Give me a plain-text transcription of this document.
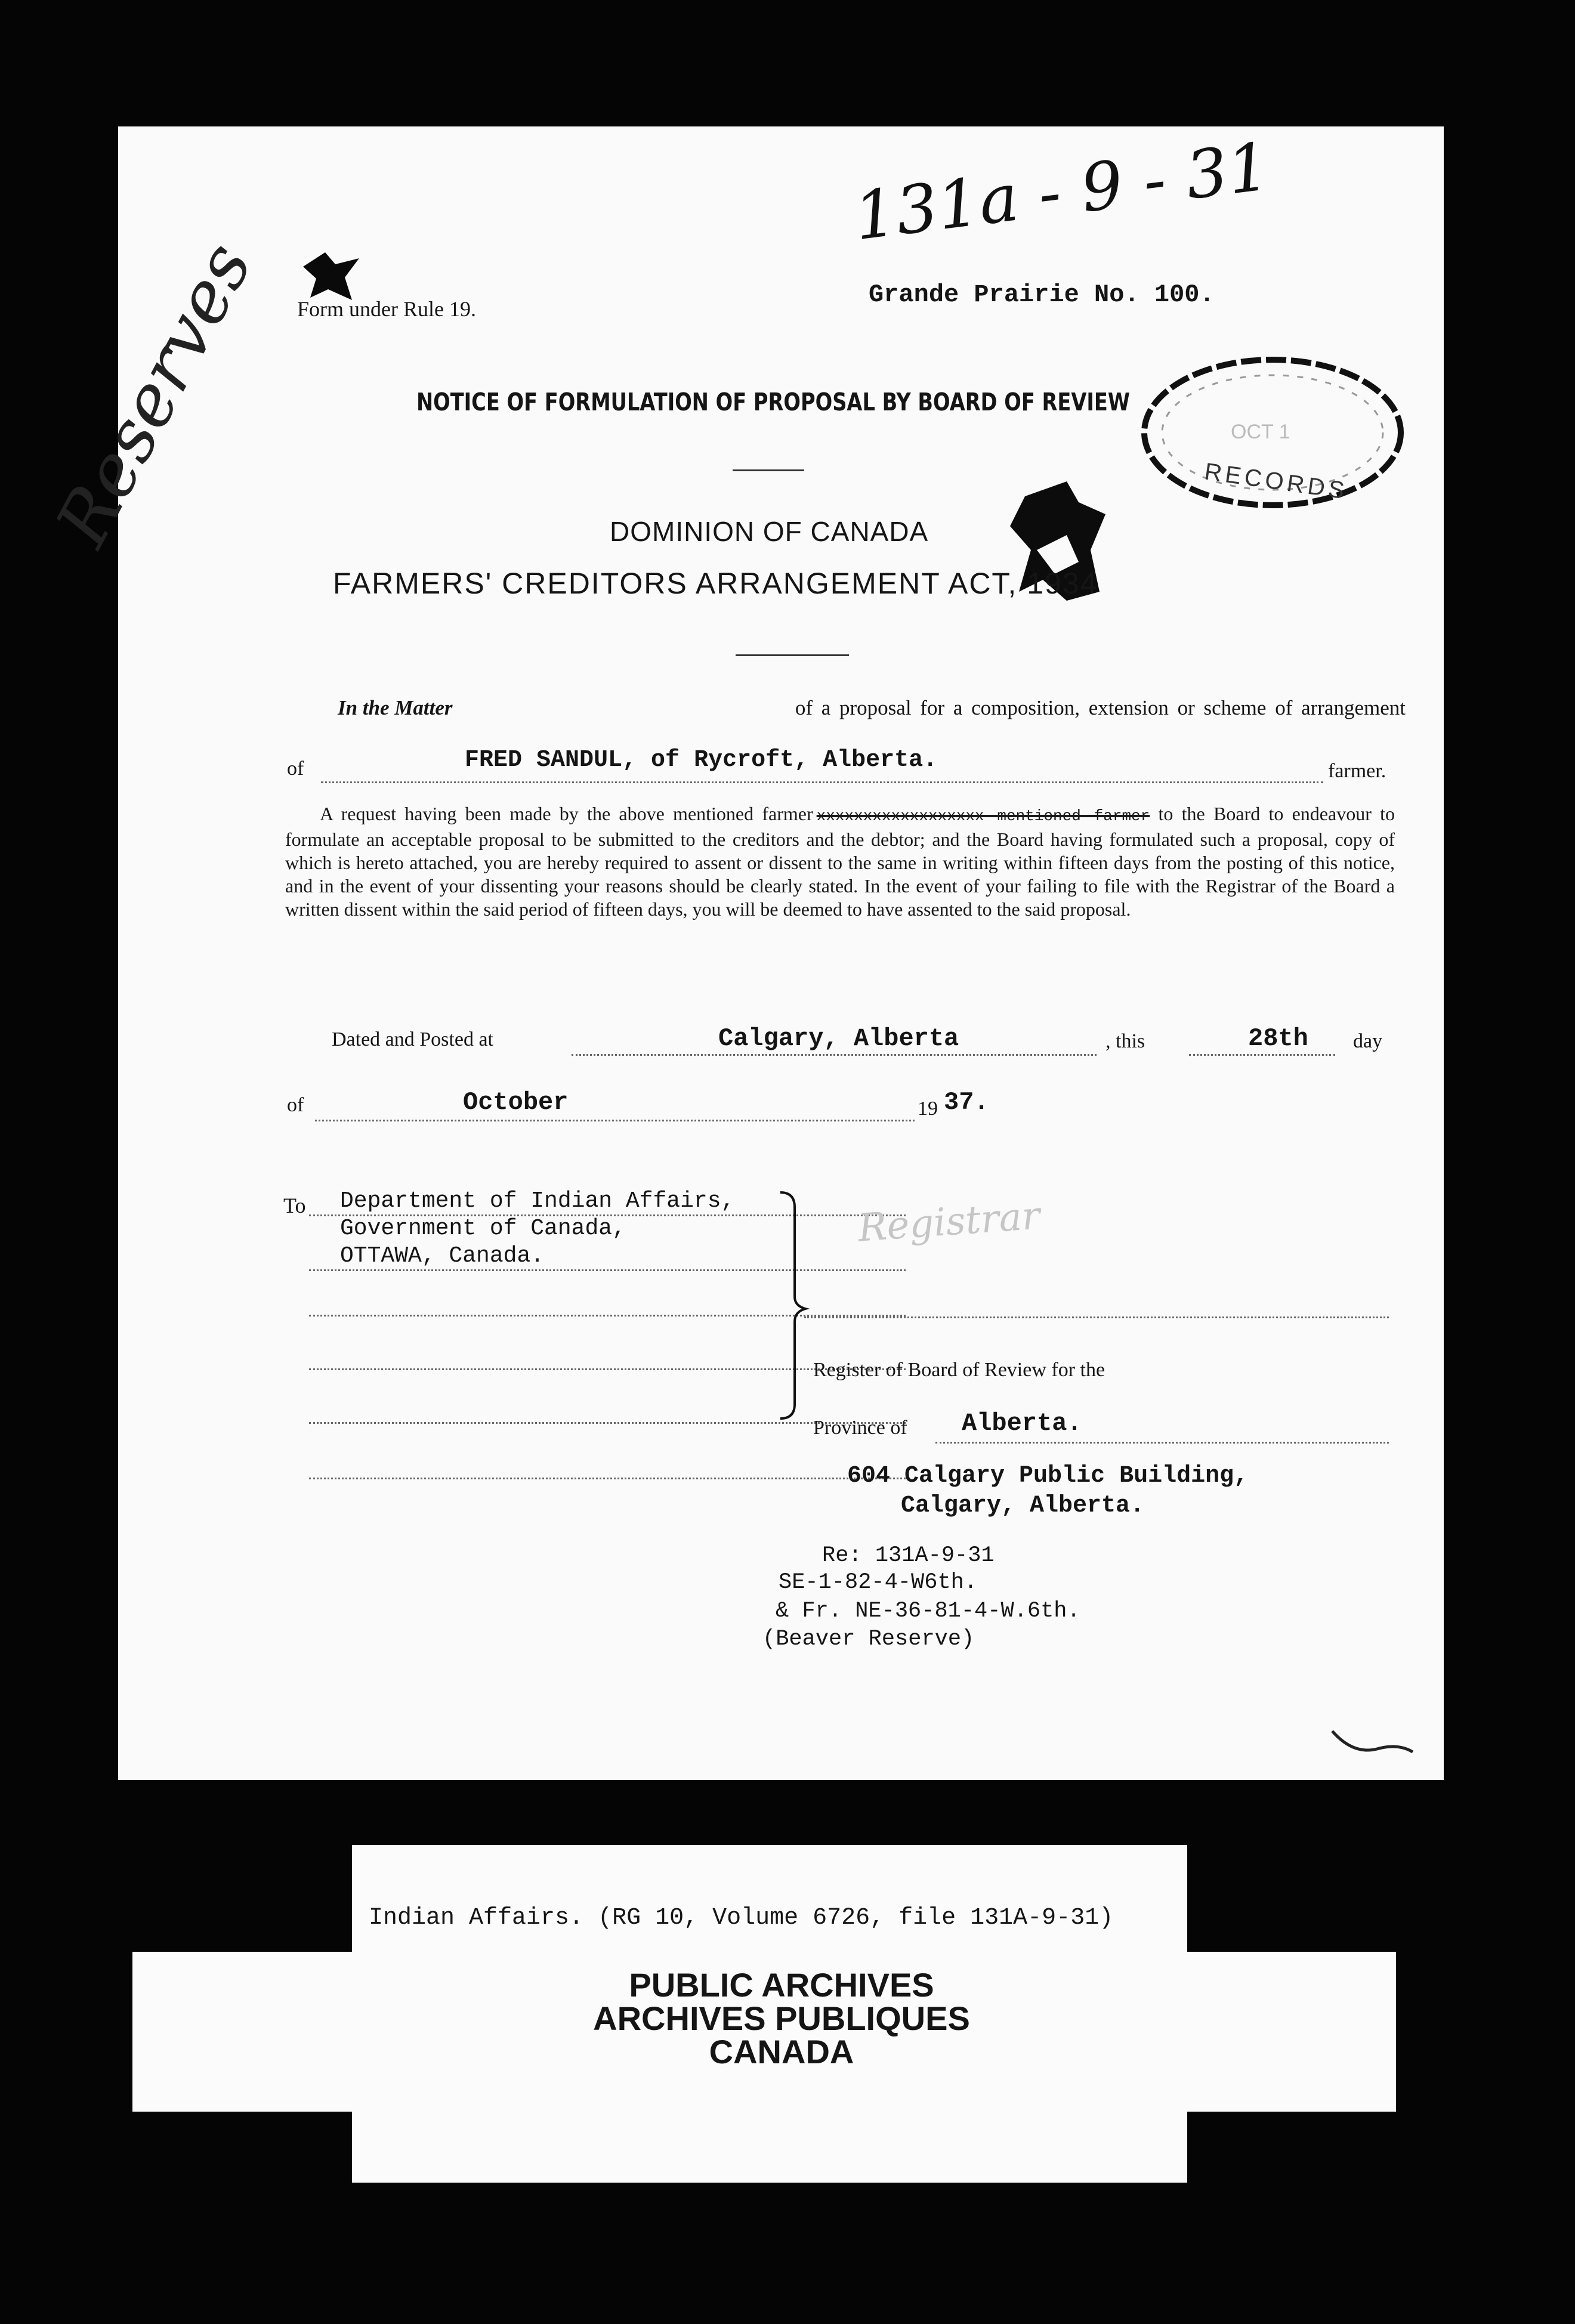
131a - 9 - 31
Reserves Form under Rule 19.	Grande Prairie No. 100.
NOTICE OF FORMULATION OF PROPOSAL BY BOARD OF REVIEW
OCT 1
RECORDS
DOMINION OF CANADA
FARMERS' CREDITORS ARRANGEMENT ACT, 1934
In the Matter	of a proposal for a composition, extension or scheme of arrangement
of	FRED SANDUL, of Rycroft, Alberta.	farmer.
A request having been made by the above mentioned farmer xxxxxxxxxxxxxxxxxx mentioned farmer to the Board to endeavour to formulate an acceptable proposal to be submitted to the creditors and the debtor; and the Board having formulated such a proposal, copy of which is hereto attached, you are hereby required to assent or dissent to the same in writing within fifteen days from the posting of this notice, and in the event of your dissenting your reasons should be clearly stated. In the event of your failing to file with the Registrar of the Board a written dissent within the said period of fifteen days, you will be deemed to have assented to the said proposal.
Dated and Posted at	Calgary, Alberta	, this	28th day
of	October	19 37.
To Department of Indian Affairs,
Government of Canada,
OTTAWA, Canada.
Registrar
Register of Board of Review for the
Province of Alberta.
604 Calgary Public Building,
Calgary, Alberta.
Re: 131A-9-31
SE-1-82-4-W6th.
& Fr. NE-36-81-4-W.6th.
(Beaver Reserve)
Indian Affairs. (RG 10, Volume 6726, file 131A-9-31)
PUBLIC ARCHIVES
ARCHIVES PUBLIQUES
CANADA
